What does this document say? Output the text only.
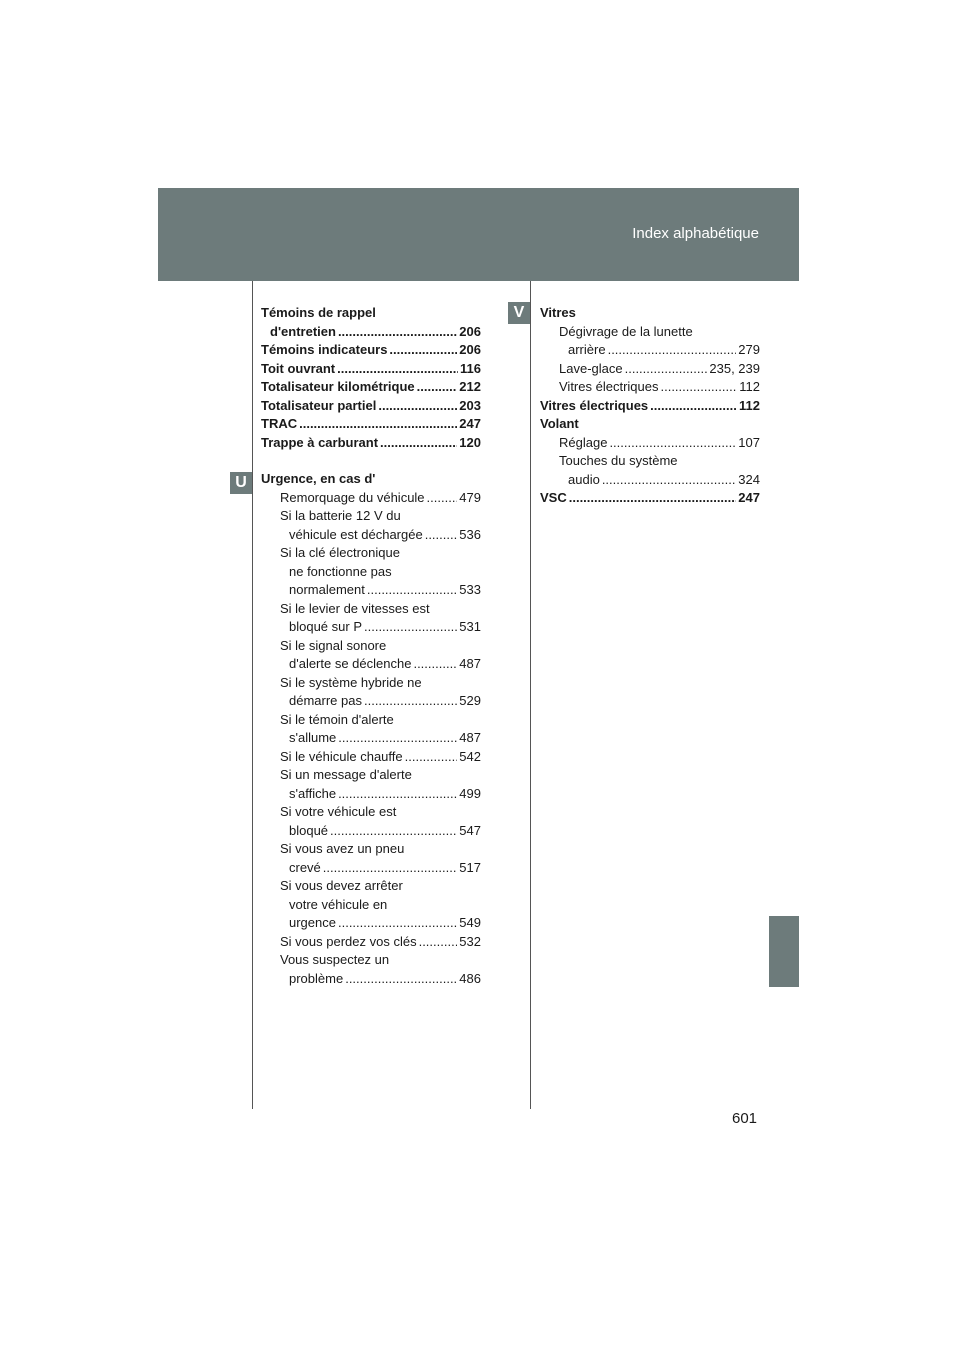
Index alphabétique
U
V
Témoins de rappel
d'entretien .....	206
Témoins indicateurs .....	206
Toit ouvrant .....	116
Totalisateur kilométrique .....	212
Totalisateur partiel .....	203
TRAC .....	247
Trappe à carburant .....	120
Urgence, en cas d'
Remorquage du véhicule .....	479
Si la batterie 12 V du
véhicule est déchargée .....	536
Si la clé électronique
ne fonctionne pas
normalement .....	533
Si le levier de vitesses est
bloqué sur P .....	531
Si le signal sonore
d'alerte se déclenche .....	487
Si le système hybride ne
démarre pas .....	529
Si le témoin d'alerte
s'allume .....	487
Si le véhicule chauffe .....	542
Si un message d'alerte
s'affiche .....	499
Si votre véhicule est
bloqué .....	547
Si vous avez un pneu
crevé .....	517
Si vous devez arrêter
votre véhicule en
urgence .....	549
Si vous perdez vos clés .....	532
Vous suspectez un
problème .....	486
Vitres
Dégivrage de la lunette
arrière .....	279
Lave-glace .....	235, 239
Vitres électriques .....	112
Vitres électriques .....	112
Volant
Réglage .....	107
Touches du système
audio .....	324
VSC .....	247
601
